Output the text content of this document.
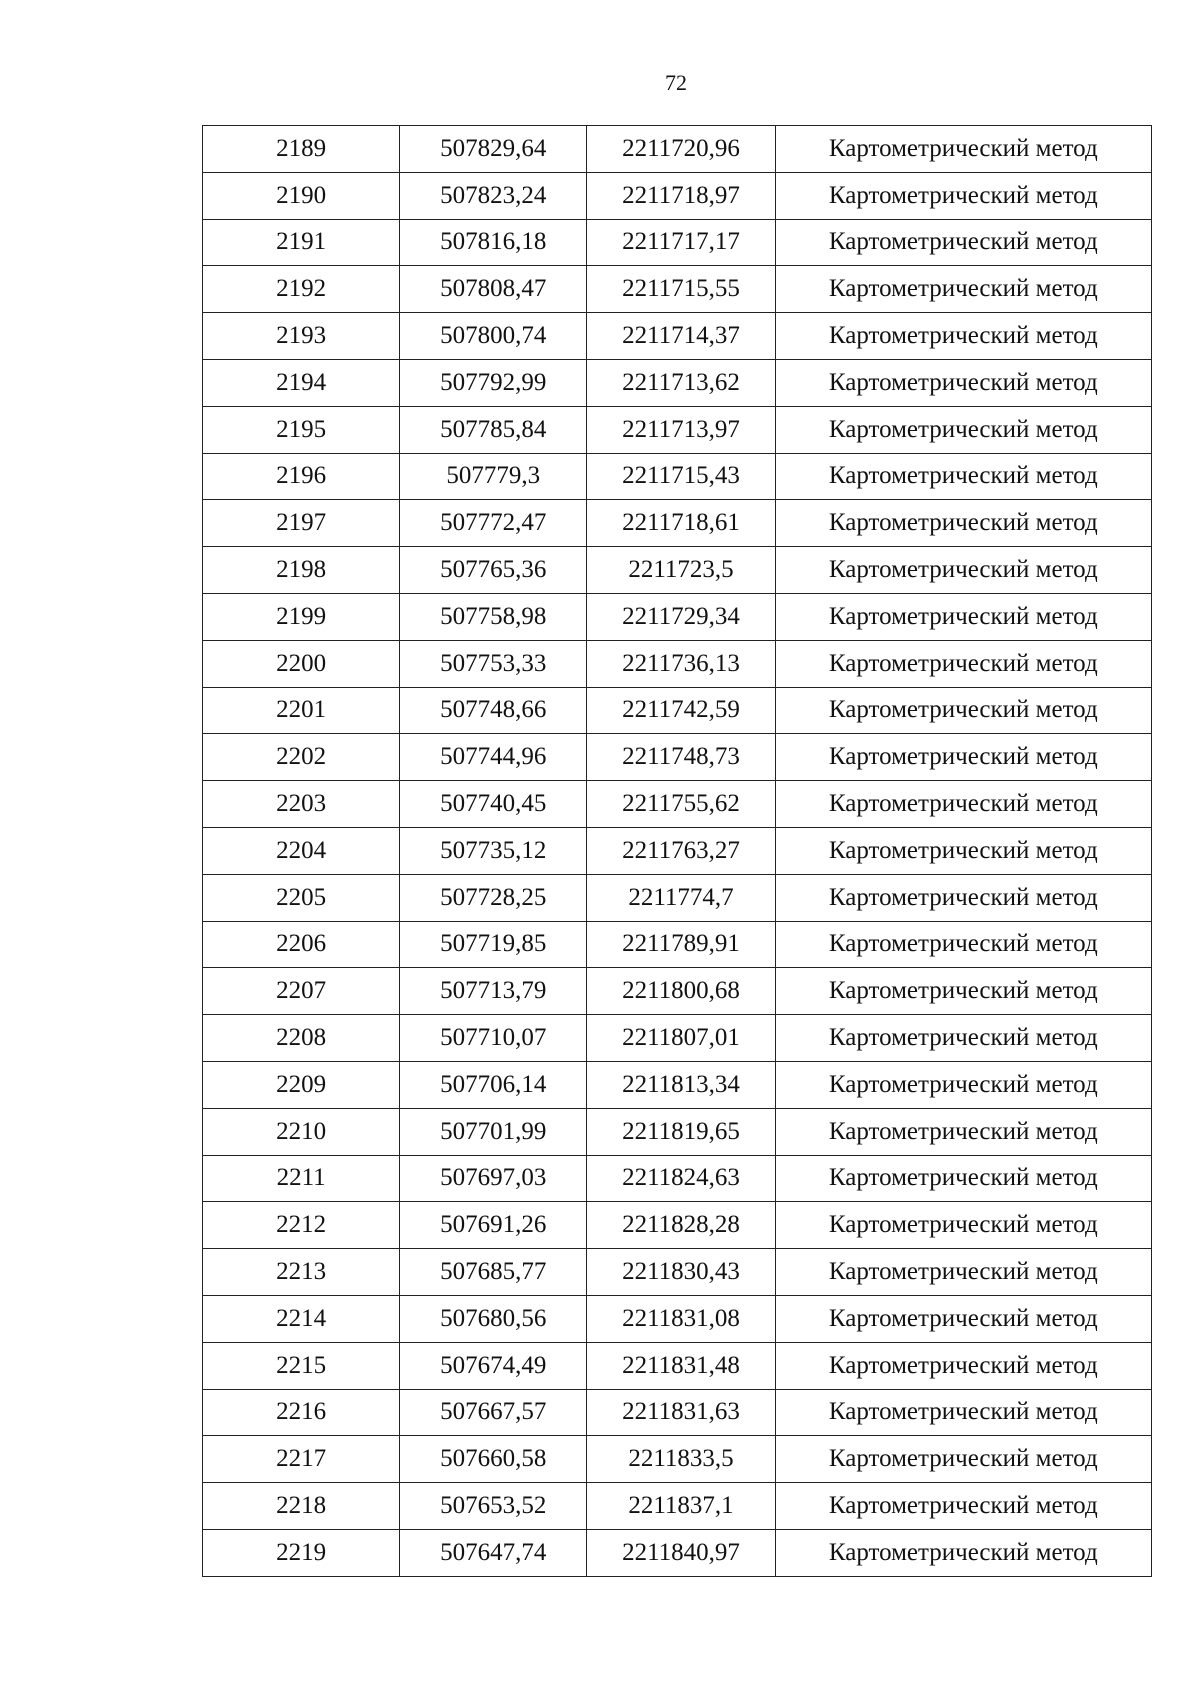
72
2189	507829,64	2211720,96	Картометрический метод
2190	507823,24	2211718,97	Картометрический метод
2191	507816,18	2211717,17	Картометрический метод
2192	507808,47	2211715,55	Картометрический метод
2193	507800,74	2211714,37	Картометрический метод
2194	507792,99	2211713,62	Картометрический метод
2195	507785,84	2211713,97	Картометрический метод
2196	507779,3	2211715,43	Картометрический метод
2197	507772,47	2211718,61	Картометрический метод
2198	507765,36	2211723,5	Картометрический метод
2199	507758,98	2211729,34	Картометрический метод
2200	507753,33	2211736,13	Картометрический метод
2201	507748,66	2211742,59	Картометрический метод
2202	507744,96	2211748,73	Картометрический метод
2203	507740,45	2211755,62	Картометрический метод
2204	507735,12	2211763,27	Картометрический метод
2205	507728,25	2211774,7	Картометрический метод
2206	507719,85	2211789,91	Картометрический метод
2207	507713,79	2211800,68	Картометрический метод
2208	507710,07	2211807,01	Картометрический метод
2209	507706,14	2211813,34	Картометрический метод
2210	507701,99	2211819,65	Картометрический метод
2211	507697,03	2211824,63	Картометрический метод
2212	507691,26	2211828,28	Картометрический метод
2213	507685,77	2211830,43	Картометрический метод
2214	507680,56	2211831,08	Картометрический метод
2215	507674,49	2211831,48	Картометрический метод
2216	507667,57	2211831,63	Картометрический метод
2217	507660,58	2211833,5	Картометрический метод
2218	507653,52	2211837,1	Картометрический метод
2219	507647,74	2211840,97	Картометрический метод
